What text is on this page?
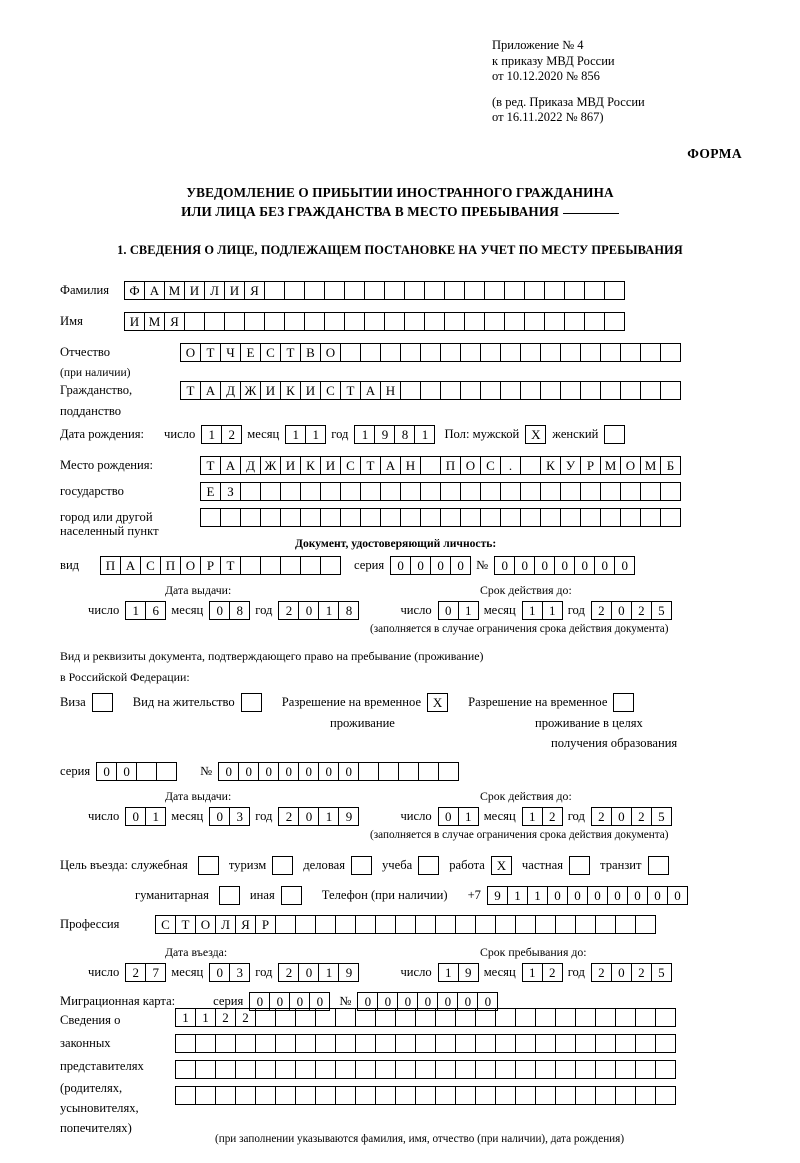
Приложение № 4
к приказу МВД России
от 10.12.2020 № 856
(в ред. Приказа МВД России
от 16.11.2022 № 867)
ФОРМА
УВЕДОМЛЕНИЕ О ПРИБЫТИИ ИНОСТРАННОГО ГРАЖДАНИНА
ИЛИ ЛИЦА БЕЗ ГРАЖДАНСТВА В МЕСТО ПРЕБЫВАНИЯ
1. СВЕДЕНИЯ О ЛИЦЕ, ПОДЛЕЖАЩЕМ ПОСТАНОВКЕ НА УЧЕТ ПО МЕСТУ ПРЕБЫВАНИЯ
Фамилия	Ф А М И Л И Я
Имя	И М Я
Отчество	О Т Ч Е С Т В О
(при наличии)
Гражданство,	Т А Д Ж И К И С Т А Н
подданство
Дата рождения: число	1	2 месяц	1	1 год	1	9	8	1	Пол: мужской X женский
Место рождения:	Т А Д Ж И К И С Т А Н	П О С	.	К У Р М О М Б
государство	Е З
город или другой
населенный пункт
Документ, удостоверяющий личность:
вид	П А С П О Р Т	серия	0	0	0	0 №	0	0	0	0	0	0	0
Дата выдачи:	Срок действия до:
число	1	6 месяц	0	8 год	2	0	1	8	число	0	1 месяц	1	1 год	2	0	2	5
(заполняется в случае ограничения срока действия документа)
Вид и реквизиты документа, подтверждающего право на пребывание (проживание)
в Российской Федерации:
Виза	Вид на жительство	Разрешение на временное X	Разрешение на временное
проживание	проживание в целях
получения образования
серия	0	0	№	0	0	0	0	0	0	0
Дата выдачи:	Срок действия до:
число	0	1 месяц	0	3 год	2	0	1	9	число	0	1 месяц	1	2 год	2	0	2	5
(заполняется в случае ограничения срока действия документа)
Цель въезда: служебная	туризм	деловая	учеба	работа X	частная	транзит
гуманитарная	иная	Телефон (при наличии) +7	9	1	1	0	0	0	0	0	0	0
Профессия	С Т О Л Я Р
Дата въезда:	Срок пребывания до:
число	2	7 месяц	0	3 год	2	0	1	9	число	1	9 месяц	1	2 год	2	0	2	5
Миграционная карта:	серия	0	0	0	0	№	0	0	0	0	0	0	0
Сведения о
законных
представителях
(родителях,
усыновителях,
попечителях)
1	1	2	2
(при заполнении указываются фамилия, имя, отчество (при наличии), дата рождения)
